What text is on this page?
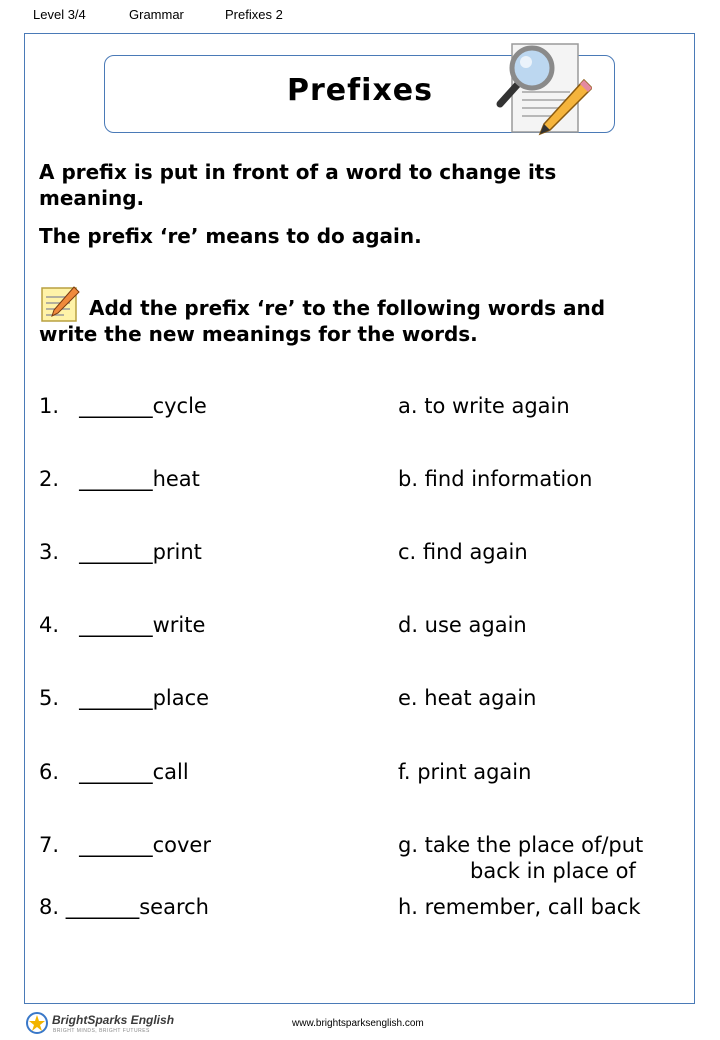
Level 3/4	Grammar	Prefixes 2
Prefixes
A prefix is put in front of a word to change its meaning.
The prefix ‘re’ means to do again.
Add the prefix ‘re’ to the following words and write the new meanings for the words.
1. _______cycle
2. _______heat
3. _______print
4. _______write
5. _______place
6. _______call
7. _______cover
8. _______search
a. to write again
b. find information
c. find again
d. use again
e. heat again
f. print again
g. take the place of/put
back in place of
h. remember, call back
BrightSparks English
BRIGHT MINDS, BRIGHT FUTURES
www.brightsparksenglish.com
